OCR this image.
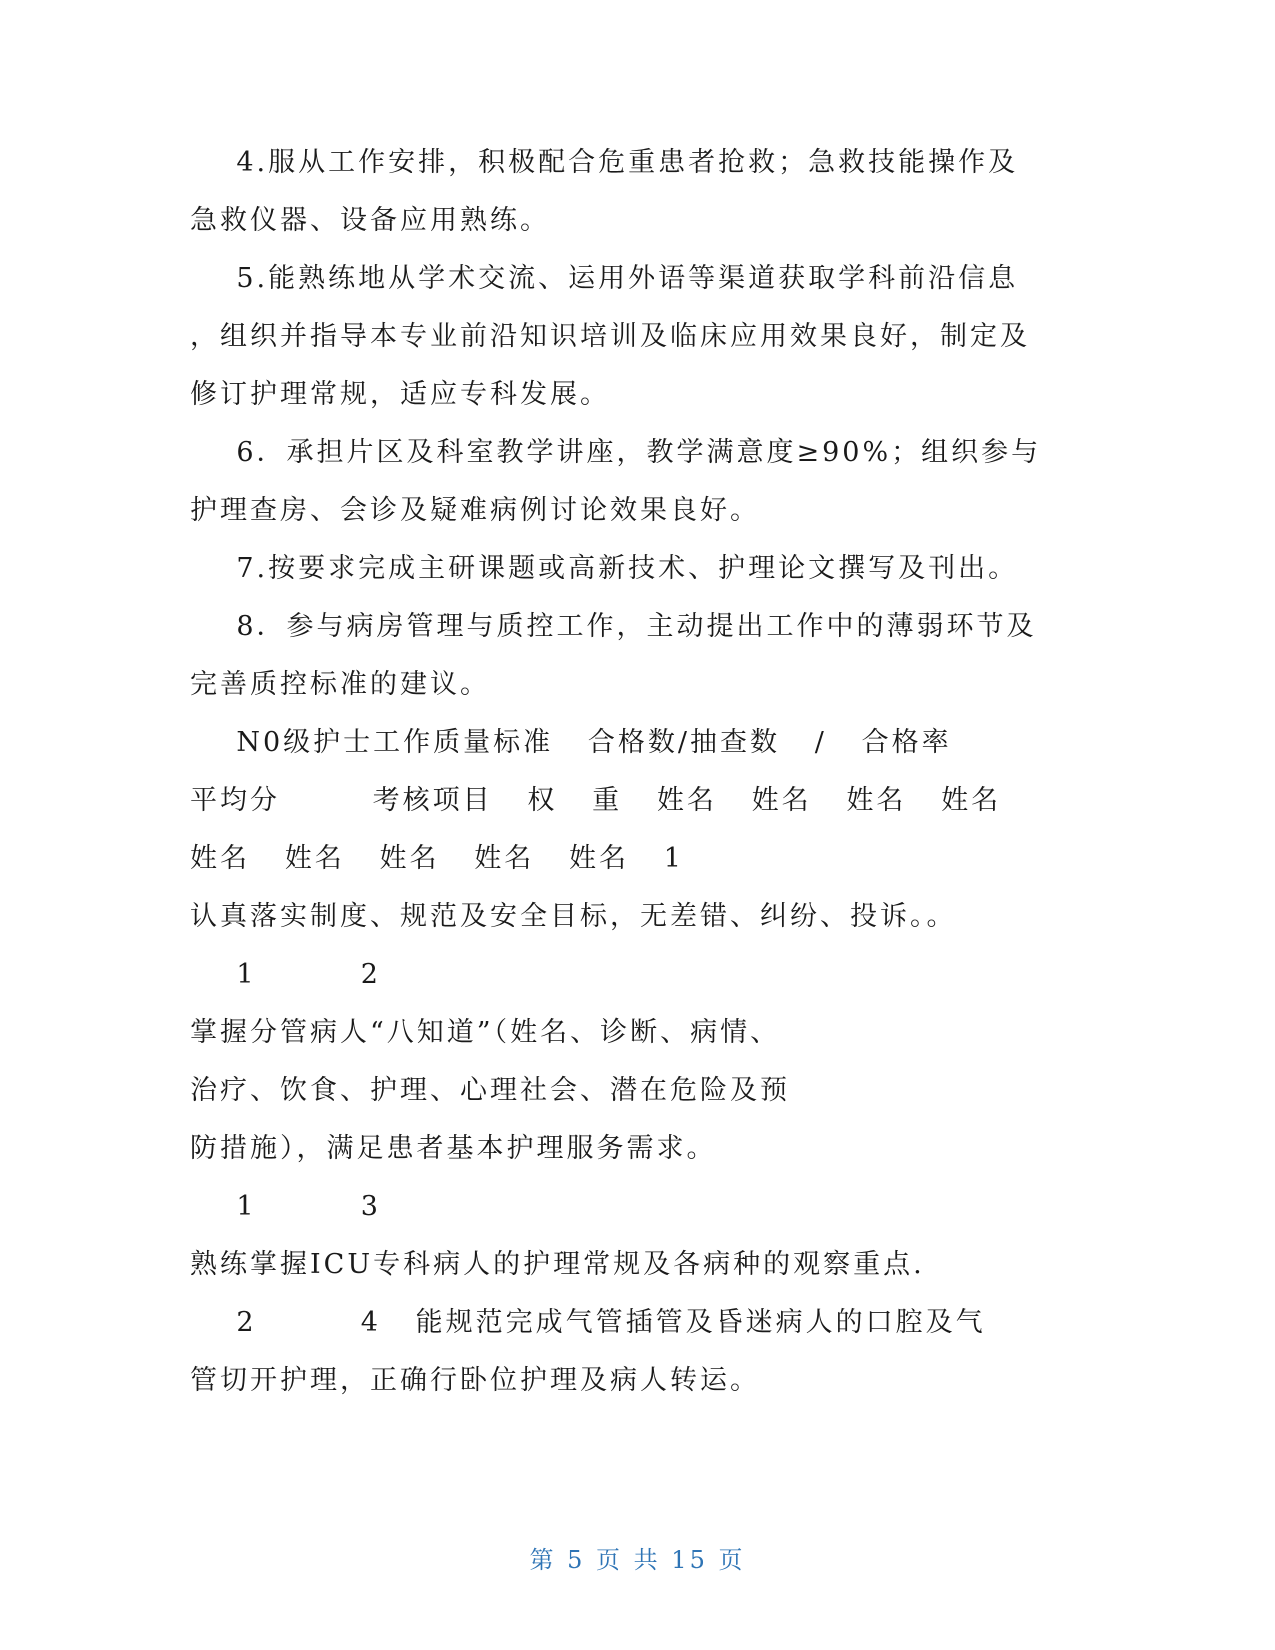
4.服从工作安排，积极配合危重患者抢救；急救技能操作及
急救仪器、设备应用熟练。
5.能熟练地从学术交流、运用外语等渠道获取学科前沿信息
，组织并指导本专业前沿知识培训及临床应用效果良好，制定及
修订护理常规，适应专科发展。
6．承担片区及科室教学讲座，教学满意度≥90%；组织参与
护理查房、会诊及疑难病例讨论效果良好。
7.按要求完成主研课题或高新技术、护理论文撰写及刊出。
8．参与病房管理与质控工作，主动提出工作中的薄弱环节及
完善质控标准的建议。
N0级护士工作质量标准   合格数/抽查数   /   合格率
平均分        考核项目   权   重   姓名   姓名   姓名   姓名
姓名   姓名   姓名   姓名   姓名   1
认真落实制度、规范及安全目标，无差错、纠纷、投诉。。
1         2
掌握分管病人“八知道”（姓名、诊断、病情、
治疗、饮食、护理、心理社会、潜在危险及预
防措施），满足患者基本护理服务需求。
1         3
熟练掌握ICU专科病人的护理常规及各病种的观察重点.
2         4   能规范完成气管插管及昏迷病人的口腔及气
管切开护理，正确行卧位护理及病人转运。
第 5 页 共 15 页
